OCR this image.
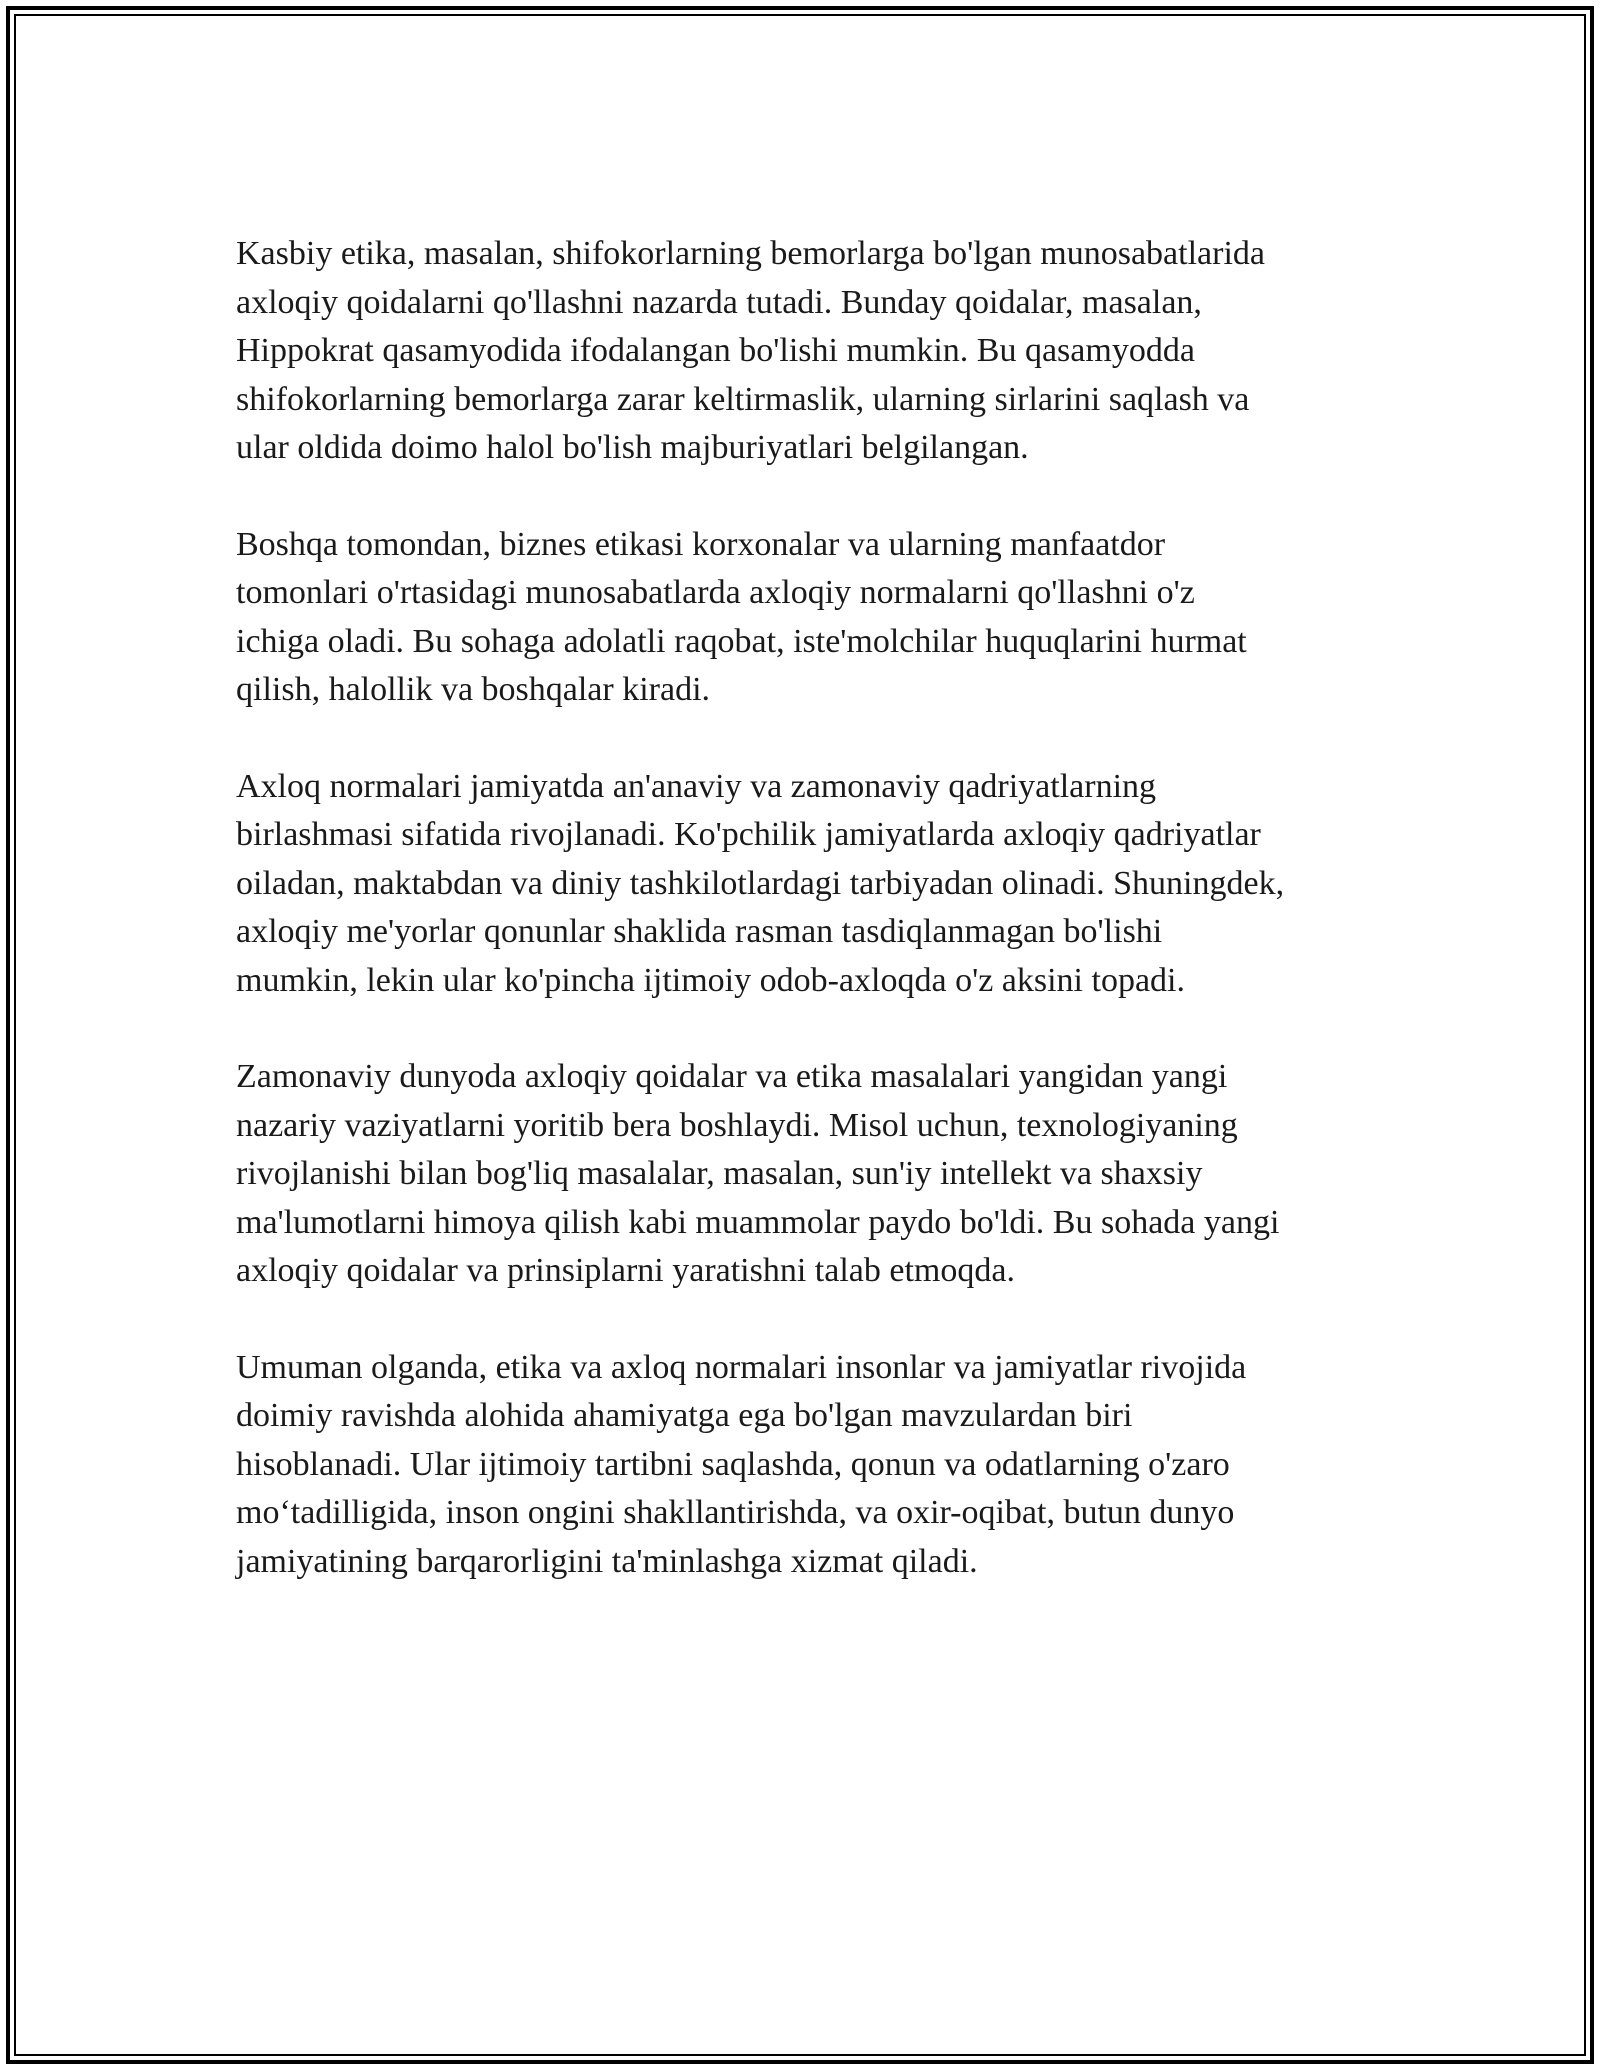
Kasbiy etika, masalan, shifokorlarning bemorlarga bo'lgan munosabatlarida
axloqiy qoidalarni qo'llashni nazarda tutadi. Bunday qoidalar, masalan,
Hippokrat qasamyodida ifodalangan bo'lishi mumkin. Bu qasamyodda
shifokorlarning bemorlarga zarar keltirmaslik, ularning sirlarini saqlash va
ular oldida doimo halol bo'lish majburiyatlari belgilangan.

Boshqa tomondan, biznes etikasi korxonalar va ularning manfaatdor
tomonlari o'rtasidagi munosabatlarda axloqiy normalarni qo'llashni o'z
ichiga oladi. Bu sohaga adolatli raqobat, iste'molchilar huquqlarini hurmat
qilish, halollik va boshqalar kiradi.

Axloq normalari jamiyatda an'anaviy va zamonaviy qadriyatlarning
birlashmasi sifatida rivojlanadi. Ko'pchilik jamiyatlarda axloqiy qadriyatlar
oiladan, maktabdan va diniy tashkilotlardagi tarbiyadan olinadi. Shuningdek,
axloqiy me'yorlar qonunlar shaklida rasman tasdiqlanmagan bo'lishi
mumkin, lekin ular ko'pincha ijtimoiy odob-axloqda o'z aksini topadi.

Zamonaviy dunyoda axloqiy qoidalar va etika masalalari yangidan yangi
nazariy vaziyatlarni yoritib bera boshlaydi. Misol uchun, texnologiyaning
rivojlanishi bilan bog'liq masalalar, masalan, sun'iy intellekt va shaxsiy
ma'lumotlarni himoya qilish kabi muammolar paydo bo'ldi. Bu sohada yangi
axloqiy qoidalar va prinsiplarni yaratishni talab etmoqda.

Umuman olganda, etika va axloq normalari insonlar va jamiyatlar rivojida
doimiy ravishda alohida ahamiyatga ega bo'lgan mavzulardan biri
hisoblanadi. Ular ijtimoiy tartibni saqlashda, qonun va odatlarning o'zaro
mo‘tadilligida, inson ongini shakllantirishda, va oxir-oqibat, butun dunyo
jamiyatining barqarorligini ta'minlashga xizmat qiladi.
